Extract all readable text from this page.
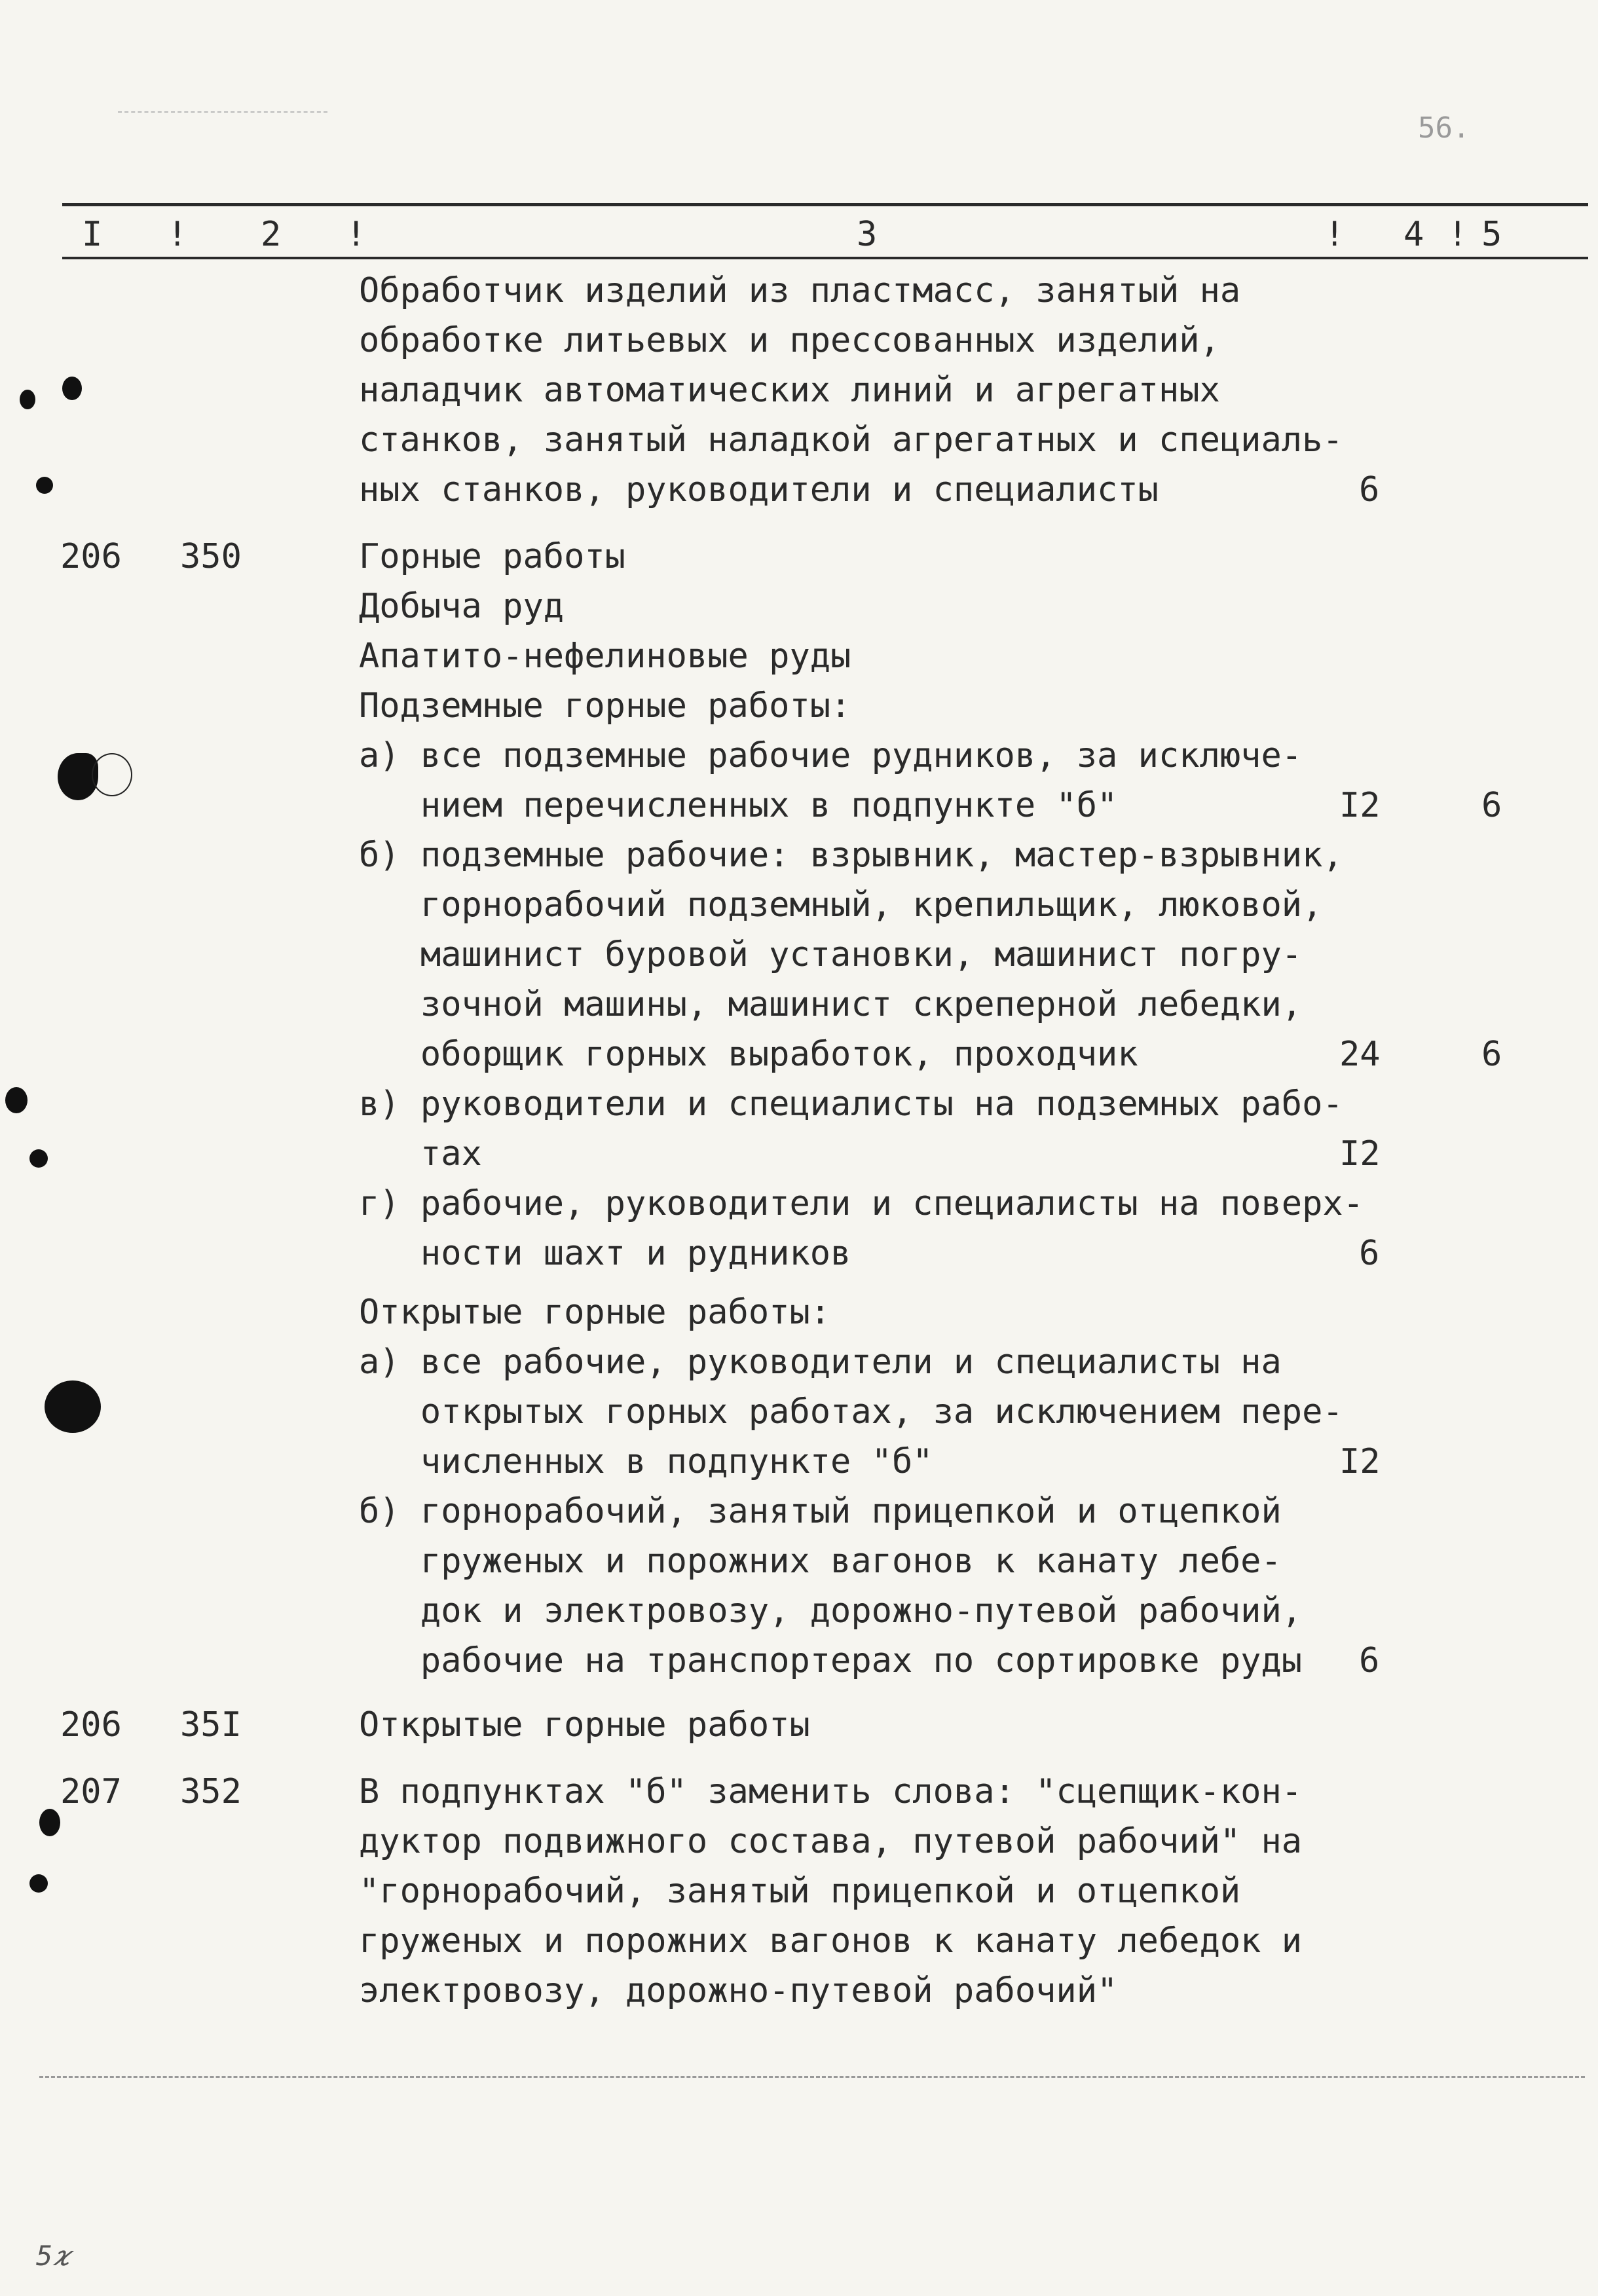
56.
I ! 2 !	3	! 4 ! 5
Обработчик изделий из пластмасс, занятый на
обработке литьевых и прессованных изделий,
наладчик автоматических линий и агрегатных
станков, занятый наладкой агрегатных и специаль-
ных станков, руководители и специалисты	6
206 350	Горные работы
Добыча руд
Апатито-нефелиновые руды
Подземные горные работы:
а) все подземные рабочие рудников, за исключе-
нием перечисленных в подпункте "б"	I2	6
б) подземные рабочие: взрывник, мастер-взрывник,
горнорабочий подземный, крепильщик, люковой,
машинист буровой установки, машинист погру-
зочной машины, машинист скреперной лебедки,
оборщик горных выработок, проходчик	24	6
в) руководители и специалисты на подземных рабо-
тах	I2
г) рабочие, руководители и специалисты на поверх-
ности шахт и рудников	6
Открытые горные работы:
а) все рабочие, руководители и специалисты на
открытых горных работах, за исключением пере-
численных в подпункте "б"	I2
б) горнорабочий, занятый прицепкой и отцепкой
груженых и порожних вагонов к канату лебе-
док и электровозу, дорожно-путевой рабочий,
рабочие на транспортерах по сортировке руды 6
206 35I	Открытые горные работы
207 352	В подпунктах "б" заменить слова: "сцепщик-кон-
дуктор подвижного состава, путевой рабочий" на
"горнорабочий, занятый прицепкой и отцепкой
груженых и порожних вагонов к канату лебедок и
электровозу, дорожно-путевой рабочий"
5𝜘
